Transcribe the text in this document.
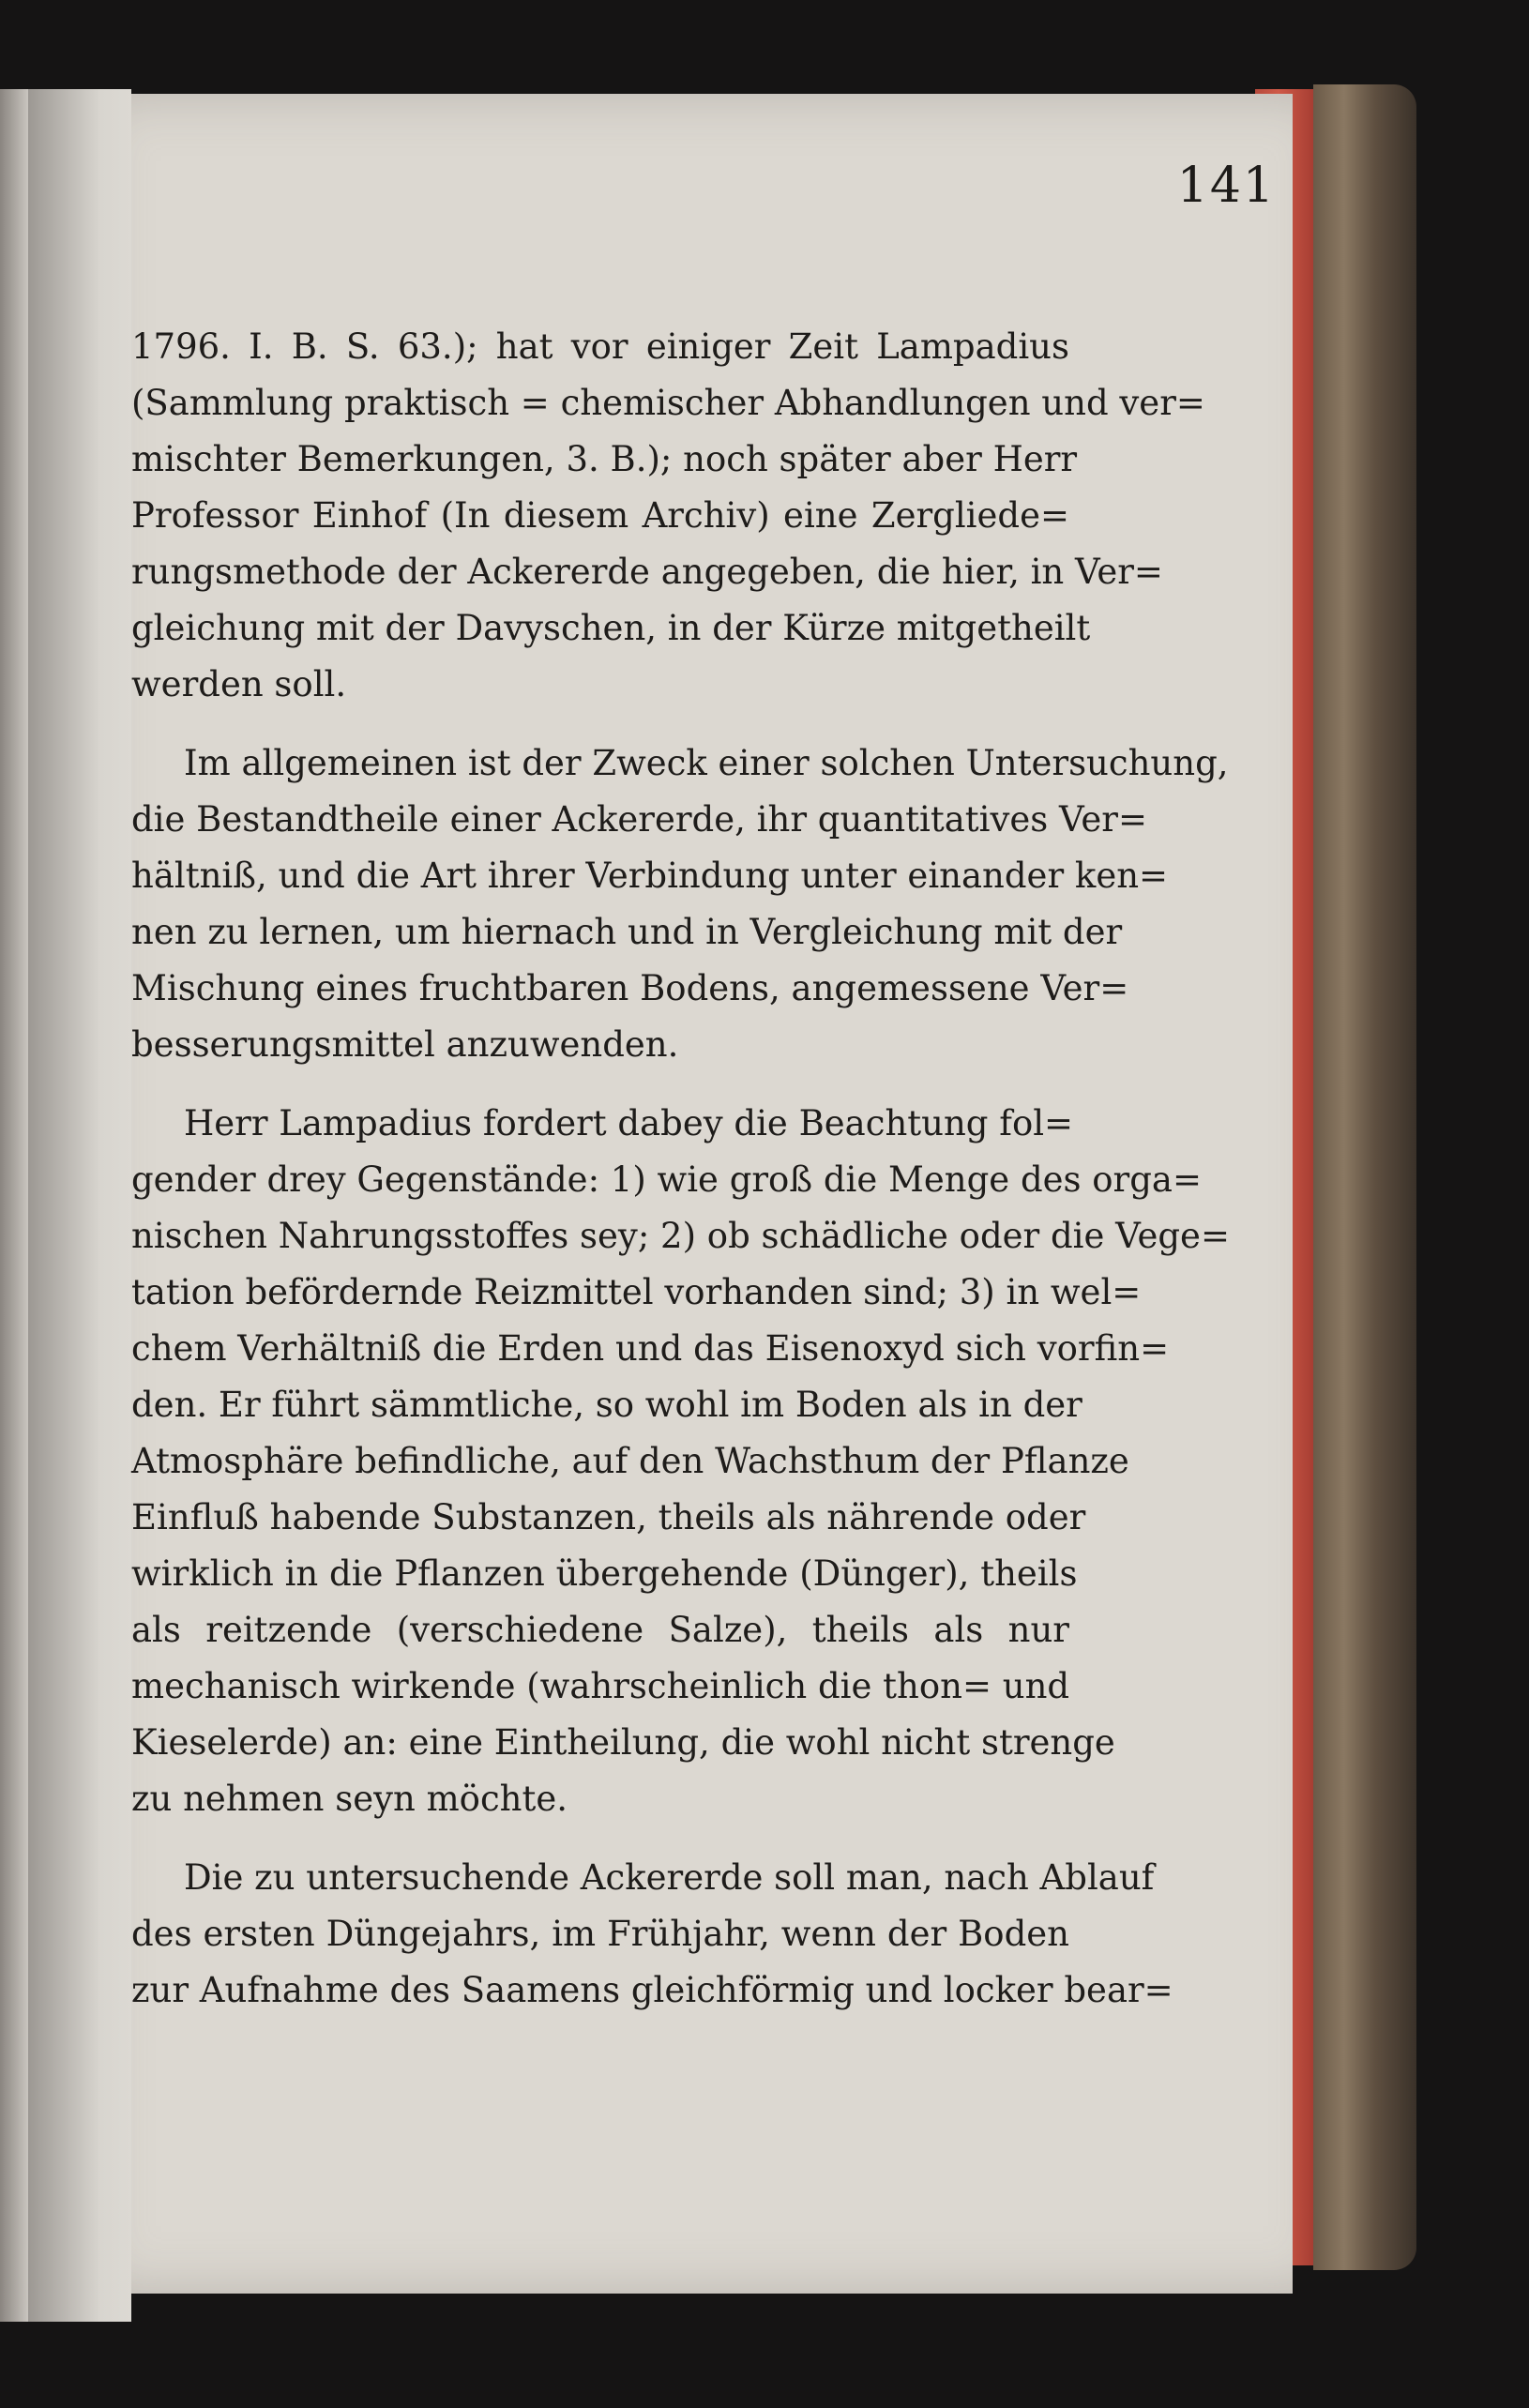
141
1796. I. B. S. 63.); hat vor einiger Zeit Lampadius
(Sammlung praktisch = chemischer Abhandlungen und ver=
mischter Bemerkungen, 3. B.); noch später aber Herr
Professor Einhof (In diesem Archiv) eine Zergliede=
rungsmethode der Ackererde angegeben, die hier, in Ver=
gleichung mit der Davyschen, in der Kürze mitgetheilt
werden soll.
Im allgemeinen ist der Zweck einer solchen Untersuchung,
die Bestandtheile einer Ackererde, ihr quantitatives Ver=
hältniß, und die Art ihrer Verbindung unter einander ken=
nen zu lernen, um hiernach und in Vergleichung mit der
Mischung eines fruchtbaren Bodens, angemessene Ver=
besserungsmittel anzuwenden.
Herr Lampadius fordert dabey die Beachtung fol=
gender drey Gegenstände: 1) wie groß die Menge des orga=
nischen Nahrungsstoffes sey; 2) ob schädliche oder die Vege=
tation befördernde Reizmittel vorhanden sind; 3) in wel=
chem Verhältniß die Erden und das Eisenoxyd sich vorfin=
den. Er führt sämmtliche, so wohl im Boden als in der
Atmosphäre befindliche, auf den Wachsthum der Pflanze
Einfluß habende Substanzen, theils als nährende oder
wirklich in die Pflanzen übergehende (Dünger), theils
als reitzende (verschiedene Salze), theils als nur
mechanisch wirkende (wahrscheinlich die thon= und
Kieselerde) an: eine Eintheilung, die wohl nicht strenge
zu nehmen seyn möchte.
Die zu untersuchende Ackererde soll man, nach Ablauf
des ersten Düngejahrs, im Frühjahr, wenn der Boden
zur Aufnahme des Saamens gleichförmig und locker bear=
